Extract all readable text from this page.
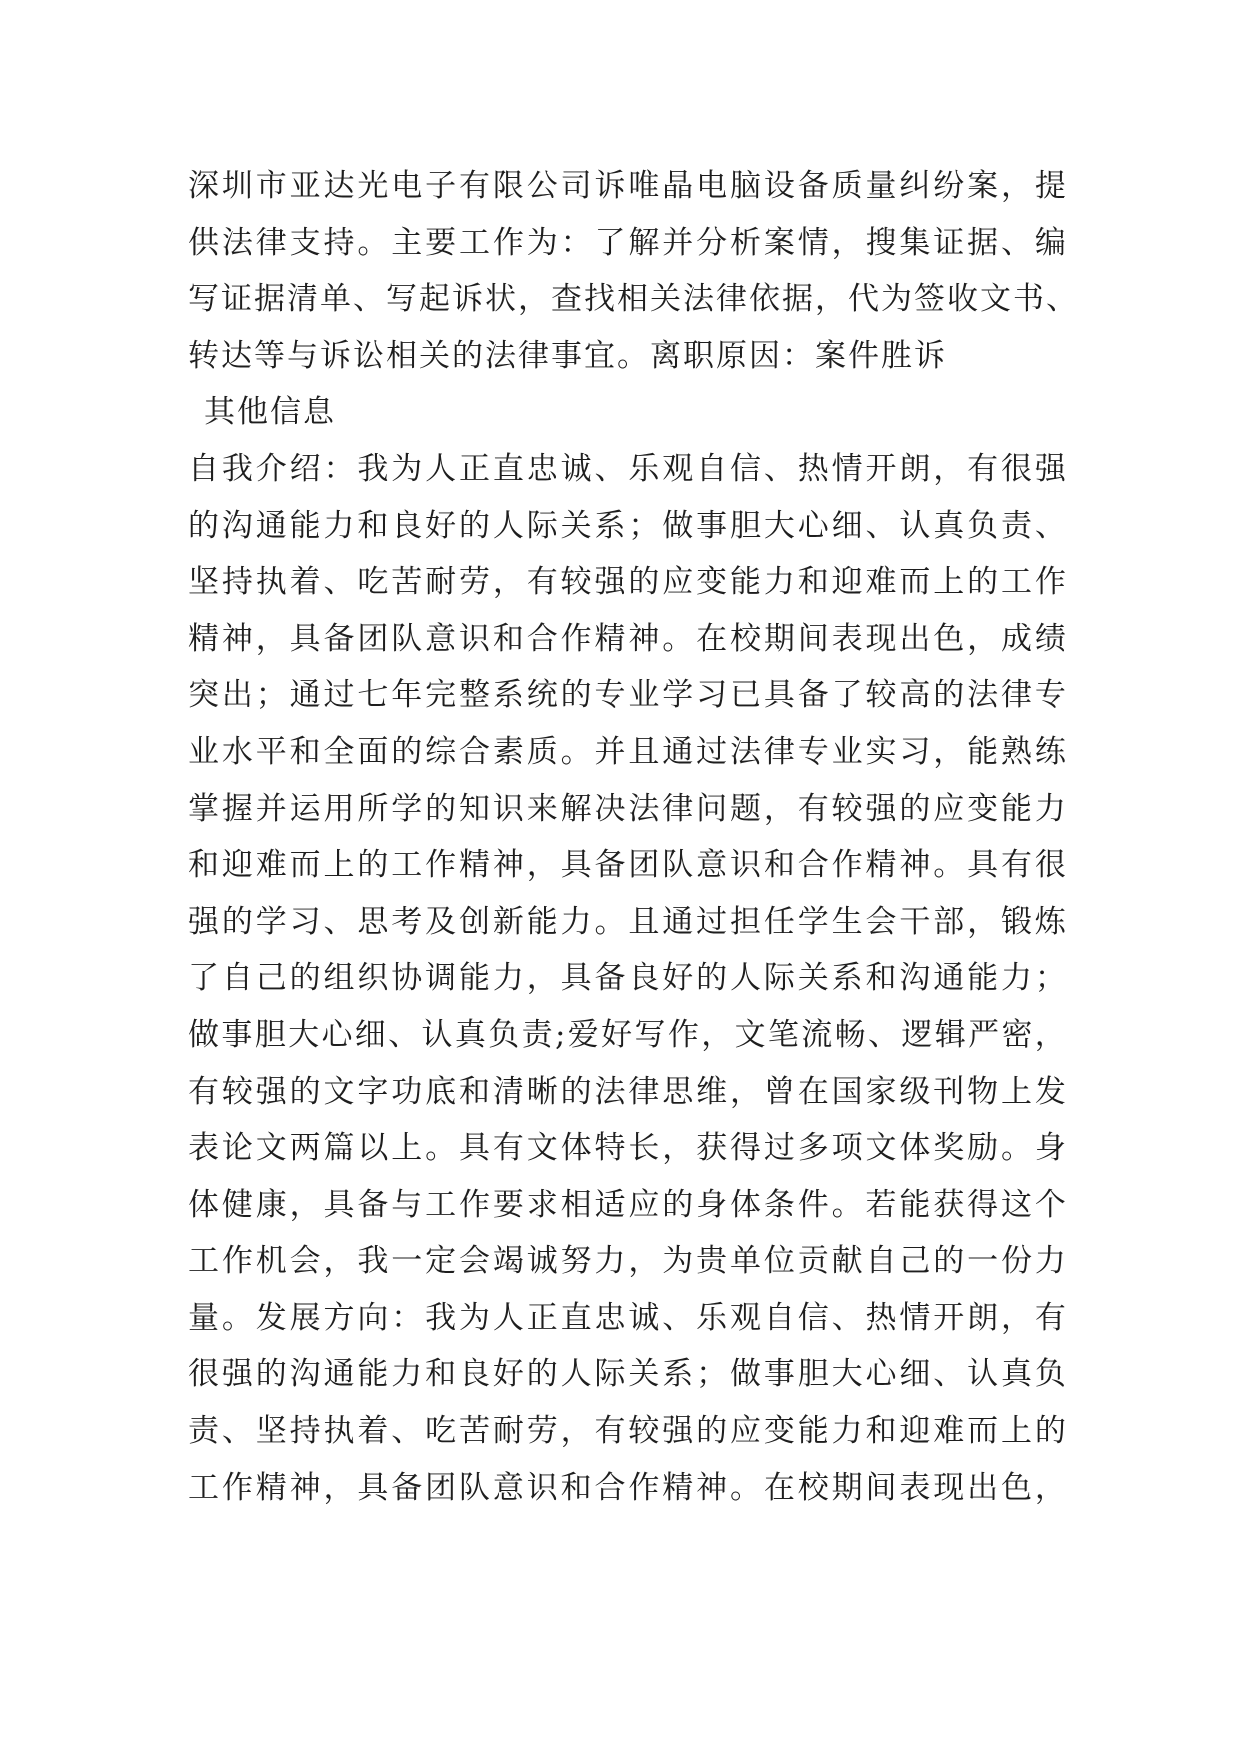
深 圳 市 亚 达 光 电 子 有 限 公 司 诉 唯 晶 电 脑 设 备 质 量 纠 纷 案 ， 提
供 法 律 支 持 。 主 要 工 作 为 ： 了 解 并 分 析 案 情 ， 搜 集 证 据 、 编
写 证 据 清 单 、 写 起 诉 状 ， 查 找 相 关 法 律 依 据 ， 代 为 签 收 文 书 、
转达等与诉讼相关的法律事宜。离职原因：案件胜诉
其他信息
自 我 介 绍 ： 我 为 人 正 直 忠 诚 、 乐 观 自 信 、 热 情 开 朗 ， 有 很 强
的 沟 通 能 力 和 良 好 的 人 际 关 系 ； 做 事 胆 大 心 细 、 认 真 负 责 、
坚 持 执 着 、 吃 苦 耐 劳 ， 有 较 强 的 应 变 能 力 和 迎 难 而 上 的 工 作
精 神 ， 具 备 团 队 意 识 和 合 作 精 神 。 在 校 期 间 表 现 出 色 ， 成 绩
突 出 ； 通 过 七 年 完 整 系 统 的 专 业 学 习 已 具 备 了 较 高 的 法 律 专
业 水 平 和 全 面 的 综 合 素 质 。 并 且 通 过 法 律 专 业 实 习 ， 能 熟 练
掌 握 并 运 用 所 学 的 知 识 来 解 决 法 律 问 题 ， 有 较 强 的 应 变 能 力
和 迎 难 而 上 的 工 作 精 神 ， 具 备 团 队 意 识 和 合 作 精 神 。 具 有 很
强 的 学 习 、 思 考 及 创 新 能 力 。 且 通 过 担 任 学 生 会 干 部 ， 锻 炼
了 自 己 的 组 织 协 调 能 力 ， 具 备 良 好 的 人 际 关 系 和 沟 通 能 力 ；
做 事 胆 大 心 细 、 认 真 负 责 ; 爱 好 写 作 ， 文 笔 流 畅 、 逻 辑 严 密 ，
有 较 强 的 文 字 功 底 和 清 晰 的 法 律 思 维 ， 曾 在 国 家 级 刊 物 上 发
表 论 文 两 篇 以 上 。 具 有 文 体 特 长 ， 获 得 过 多 项 文 体 奖 励 。 身
体 健 康 ， 具 备 与 工 作 要 求 相 适 应 的 身 体 条 件 。 若 能 获 得 这 个
工 作 机 会 ， 我 一 定 会 竭 诚 努 力 ， 为 贵 单 位 贡 献 自 己 的 一 份 力
量 。 发 展 方 向 ： 我 为 人 正 直 忠 诚 、 乐 观 自 信 、 热 情 开 朗 ， 有
很 强 的 沟 通 能 力 和 良 好 的 人 际 关 系 ； 做 事 胆 大 心 细 、 认 真 负
责 、 坚 持 执 着 、 吃 苦 耐 劳 ， 有 较 强 的 应 变 能 力 和 迎 难 而 上 的
工 作 精 神 ， 具 备 团 队 意 识 和 合 作 精 神 。 在 校 期 间 表 现 出 色 ，
